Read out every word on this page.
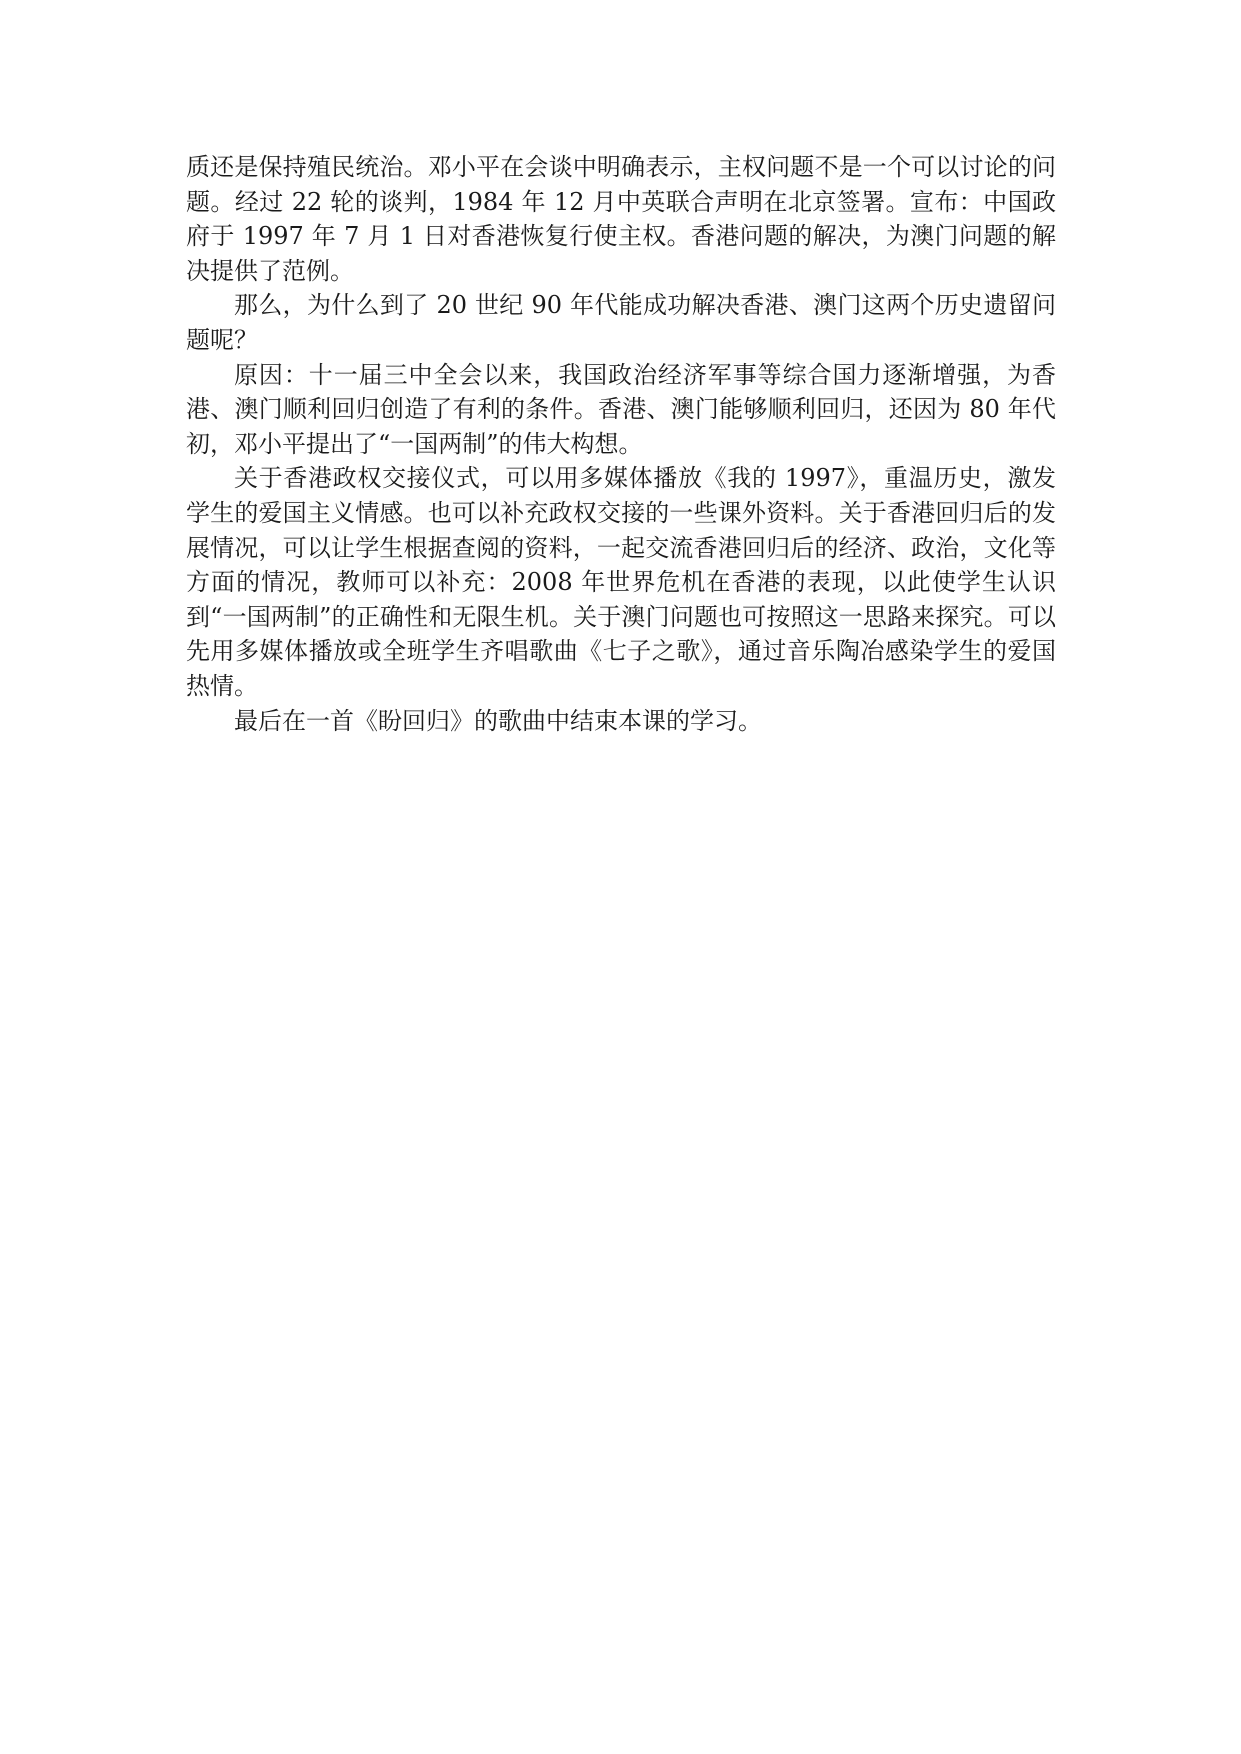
质还是保持殖民统治。邓小平在会谈中明确表示，主权问题不是一个可以讨论的问题。经过 22 轮的谈判，1984 年 12 月中英联合声明在北京签署。宣布：中国政府于 1997 年 7 月 1 日对香港恢复行使主权。香港问题的解决，为澳门问题的解决提供了范例。

那么，为什么到了 20 世纪 90 年代能成功解决香港、澳门这两个历史遗留问题呢？

原因：十一届三中全会以来，我国政治经济军事等综合国力逐渐增强，为香港、澳门顺利回归创造了有利的条件。香港、澳门能够顺利回归，还因为 80 年代初，邓小平提出了“一国两制”的伟大构想。

关于香港政权交接仪式，可以用多媒体播放《我的 1997》，重温历史，激发学生的爱国主义情感。也可以补充政权交接的一些课外资料。关于香港回归后的发展情况，可以让学生根据查阅的资料，一起交流香港回归后的经济、政治，文化等方面的情况，教师可以补充：2008 年世界危机在香港的表现，以此使学生认识到“一国两制”的正确性和无限生机。关于澳门问题也可按照这一思路来探究。可以先用多媒体播放或全班学生齐唱歌曲《七子之歌》，通过音乐陶冶感染学生的爱国热情。

最后在一首《盼回归》的歌曲中结束本课的学习。
